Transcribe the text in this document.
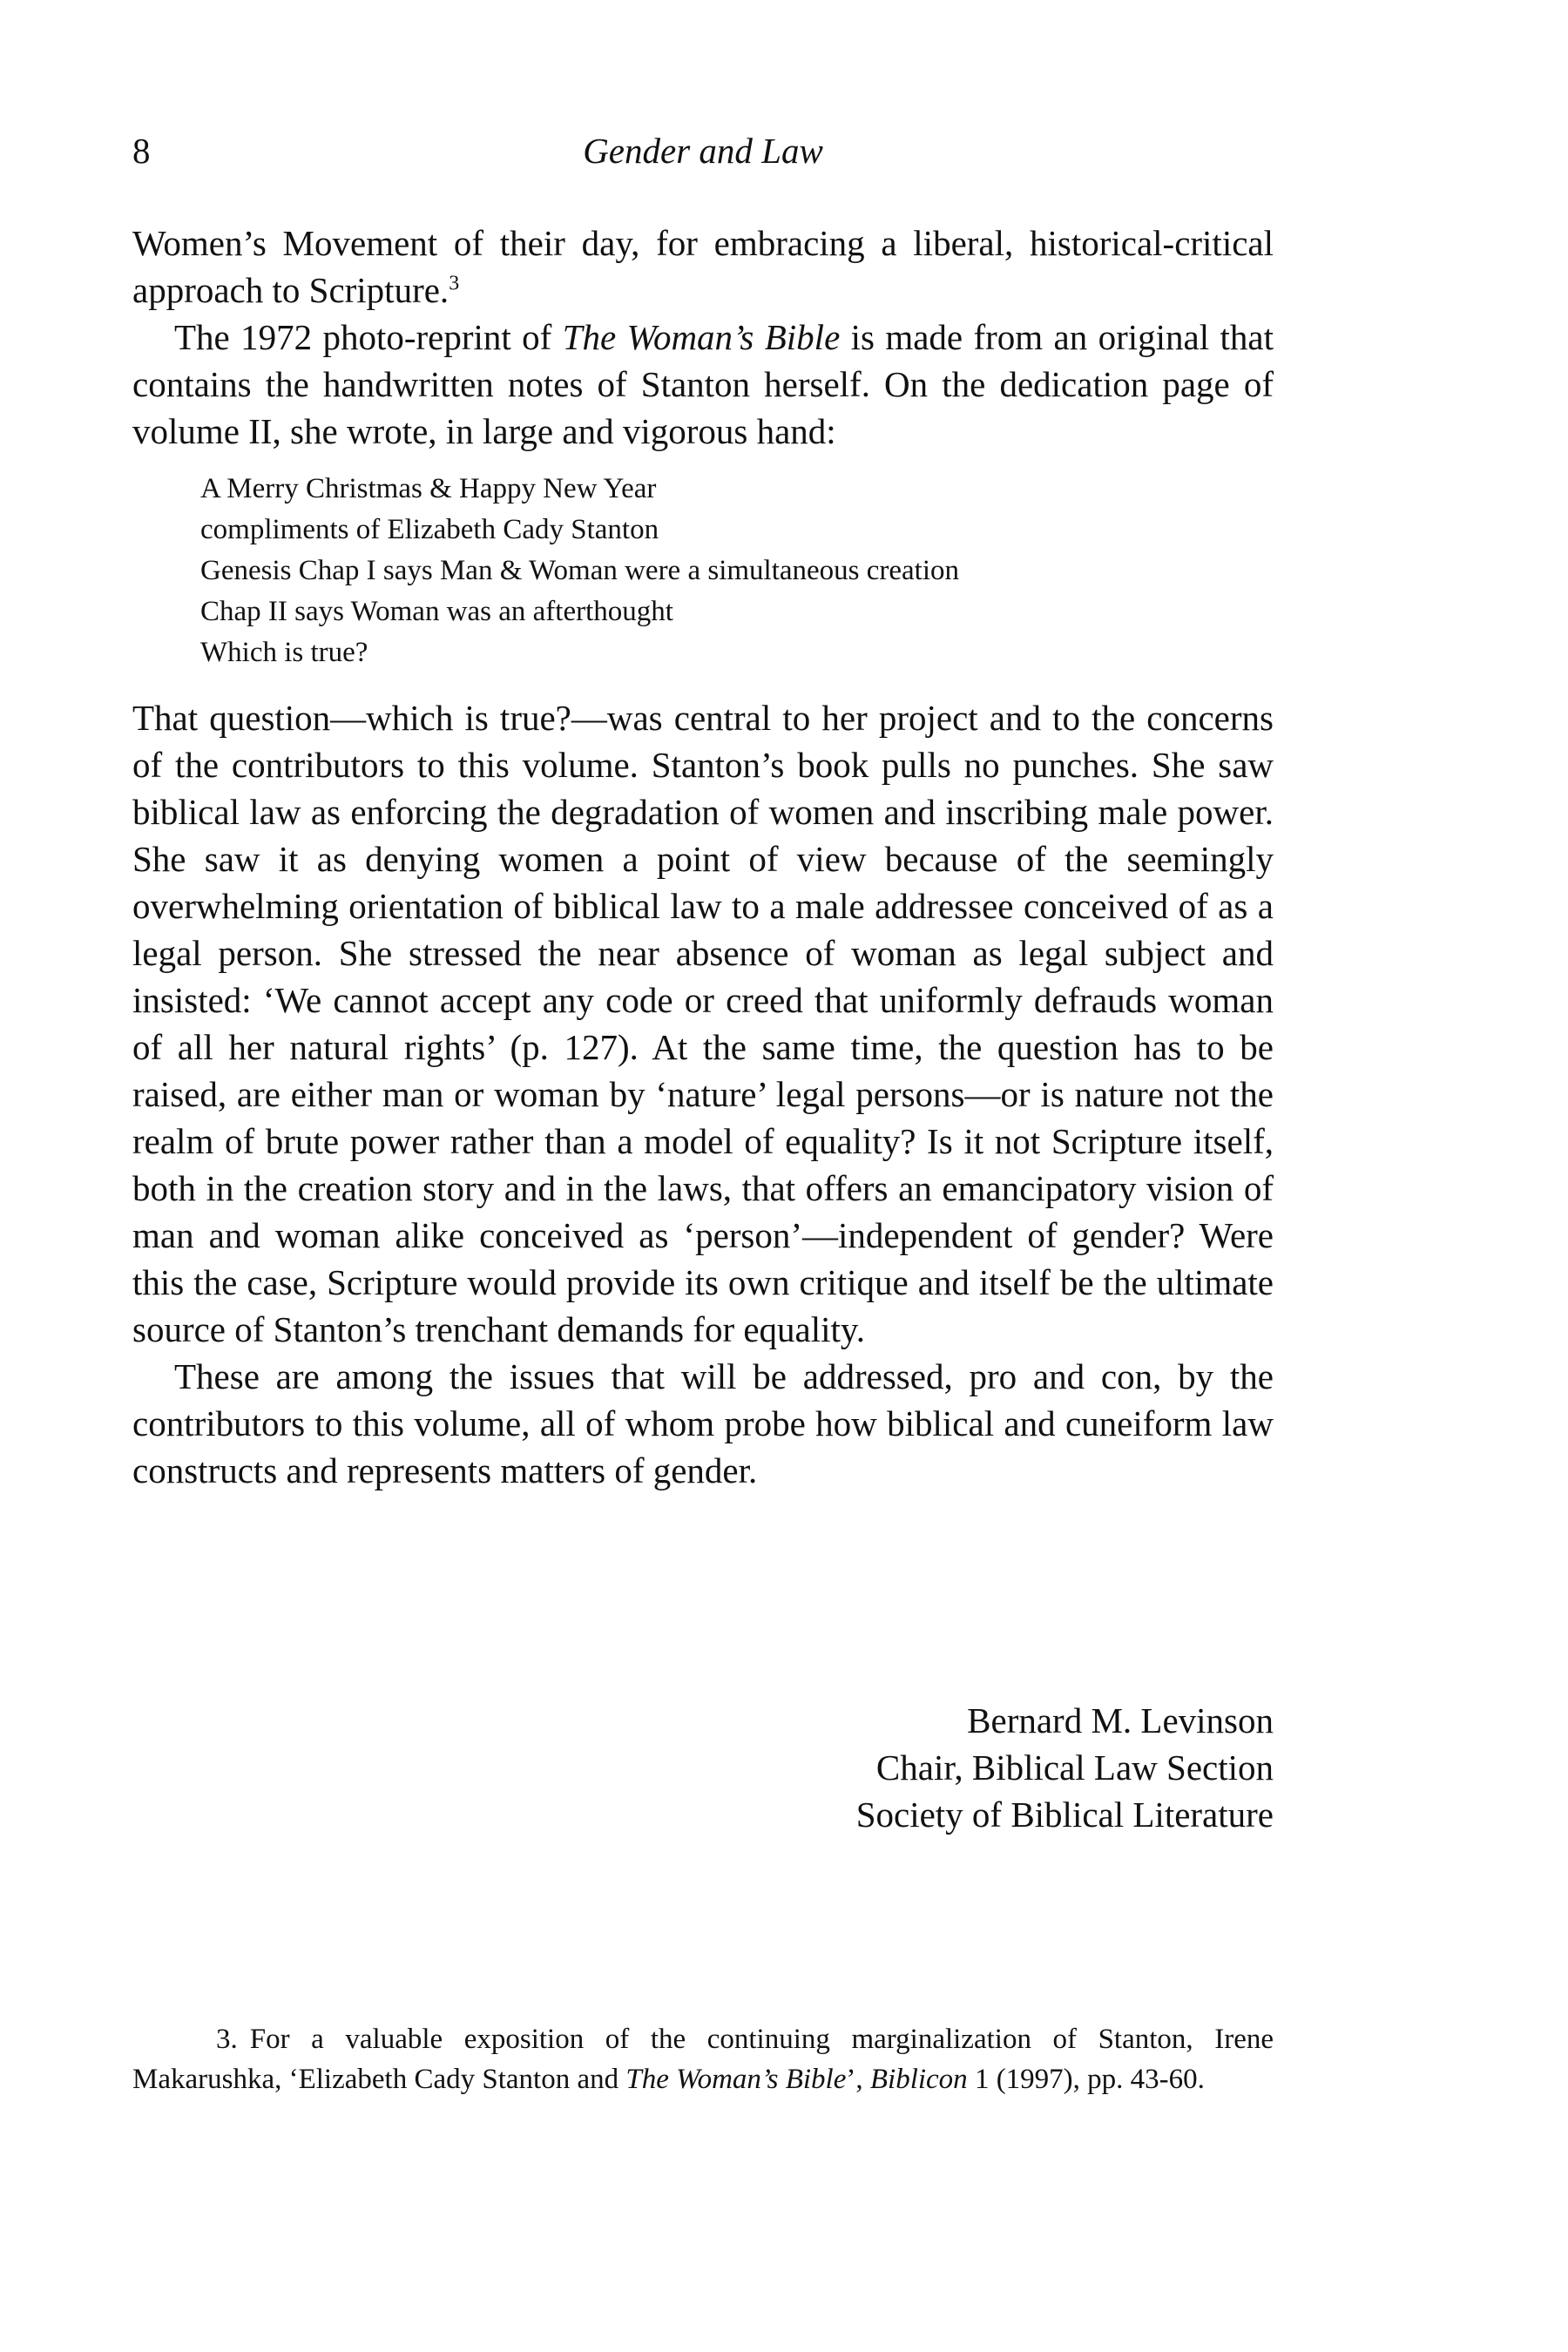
8	Gender and Law

Women’s Movement of their day, for embracing a liberal, historical-critical approach to Scripture.$^3$

The 1972 photo-reprint of The Woman’s Bible is made from an original that contains the handwritten notes of Stanton herself. On the dedication page of volume II, she wrote, in large and vigorous hand:

A Merry Christmas & Happy New Year
compliments of Elizabeth Cady Stanton
Genesis Chap I says Man & Woman were a simultaneous creation
Chap II says Woman was an afterthought
Which is true?

That question—which is true?—was central to her project and to the concerns of the contributors to this volume. Stanton’s book pulls no punches. She saw biblical law as enforcing the degradation of women and inscribing male power. She saw it as denying women a point of view because of the seemingly overwhelming orientation of biblical law to a male addressee conceived of as a legal person. She stressed the near absence of woman as legal subject and insisted: ‘We cannot accept any code or creed that uniformly defrauds woman of all her natural rights’ (p. 127). At the same time, the question has to be raised, are either man or woman by ‘nature’ legal persons—or is nature not the realm of brute power rather than a model of equality? Is it not Scripture itself, both in the creation story and in the laws, that offers an emancipatory vision of man and woman alike conceived as ‘person’—independent of gender? Were this the case, Scripture would provide its own critique and itself be the ultimate source of Stanton’s trenchant demands for equality.

These are among the issues that will be addressed, pro and con, by the contributors to this volume, all of whom probe how biblical and cuneiform law constructs and represents matters of gender.

Bernard M. Levinson
Chair, Biblical Law Section
Society of Biblical Literature

3. For a valuable exposition of the continuing marginalization of Stanton, Irene Makarushka, ‘Elizabeth Cady Stanton and The Woman’s Bible’, Biblicon 1 (1997), pp. 43-60.
